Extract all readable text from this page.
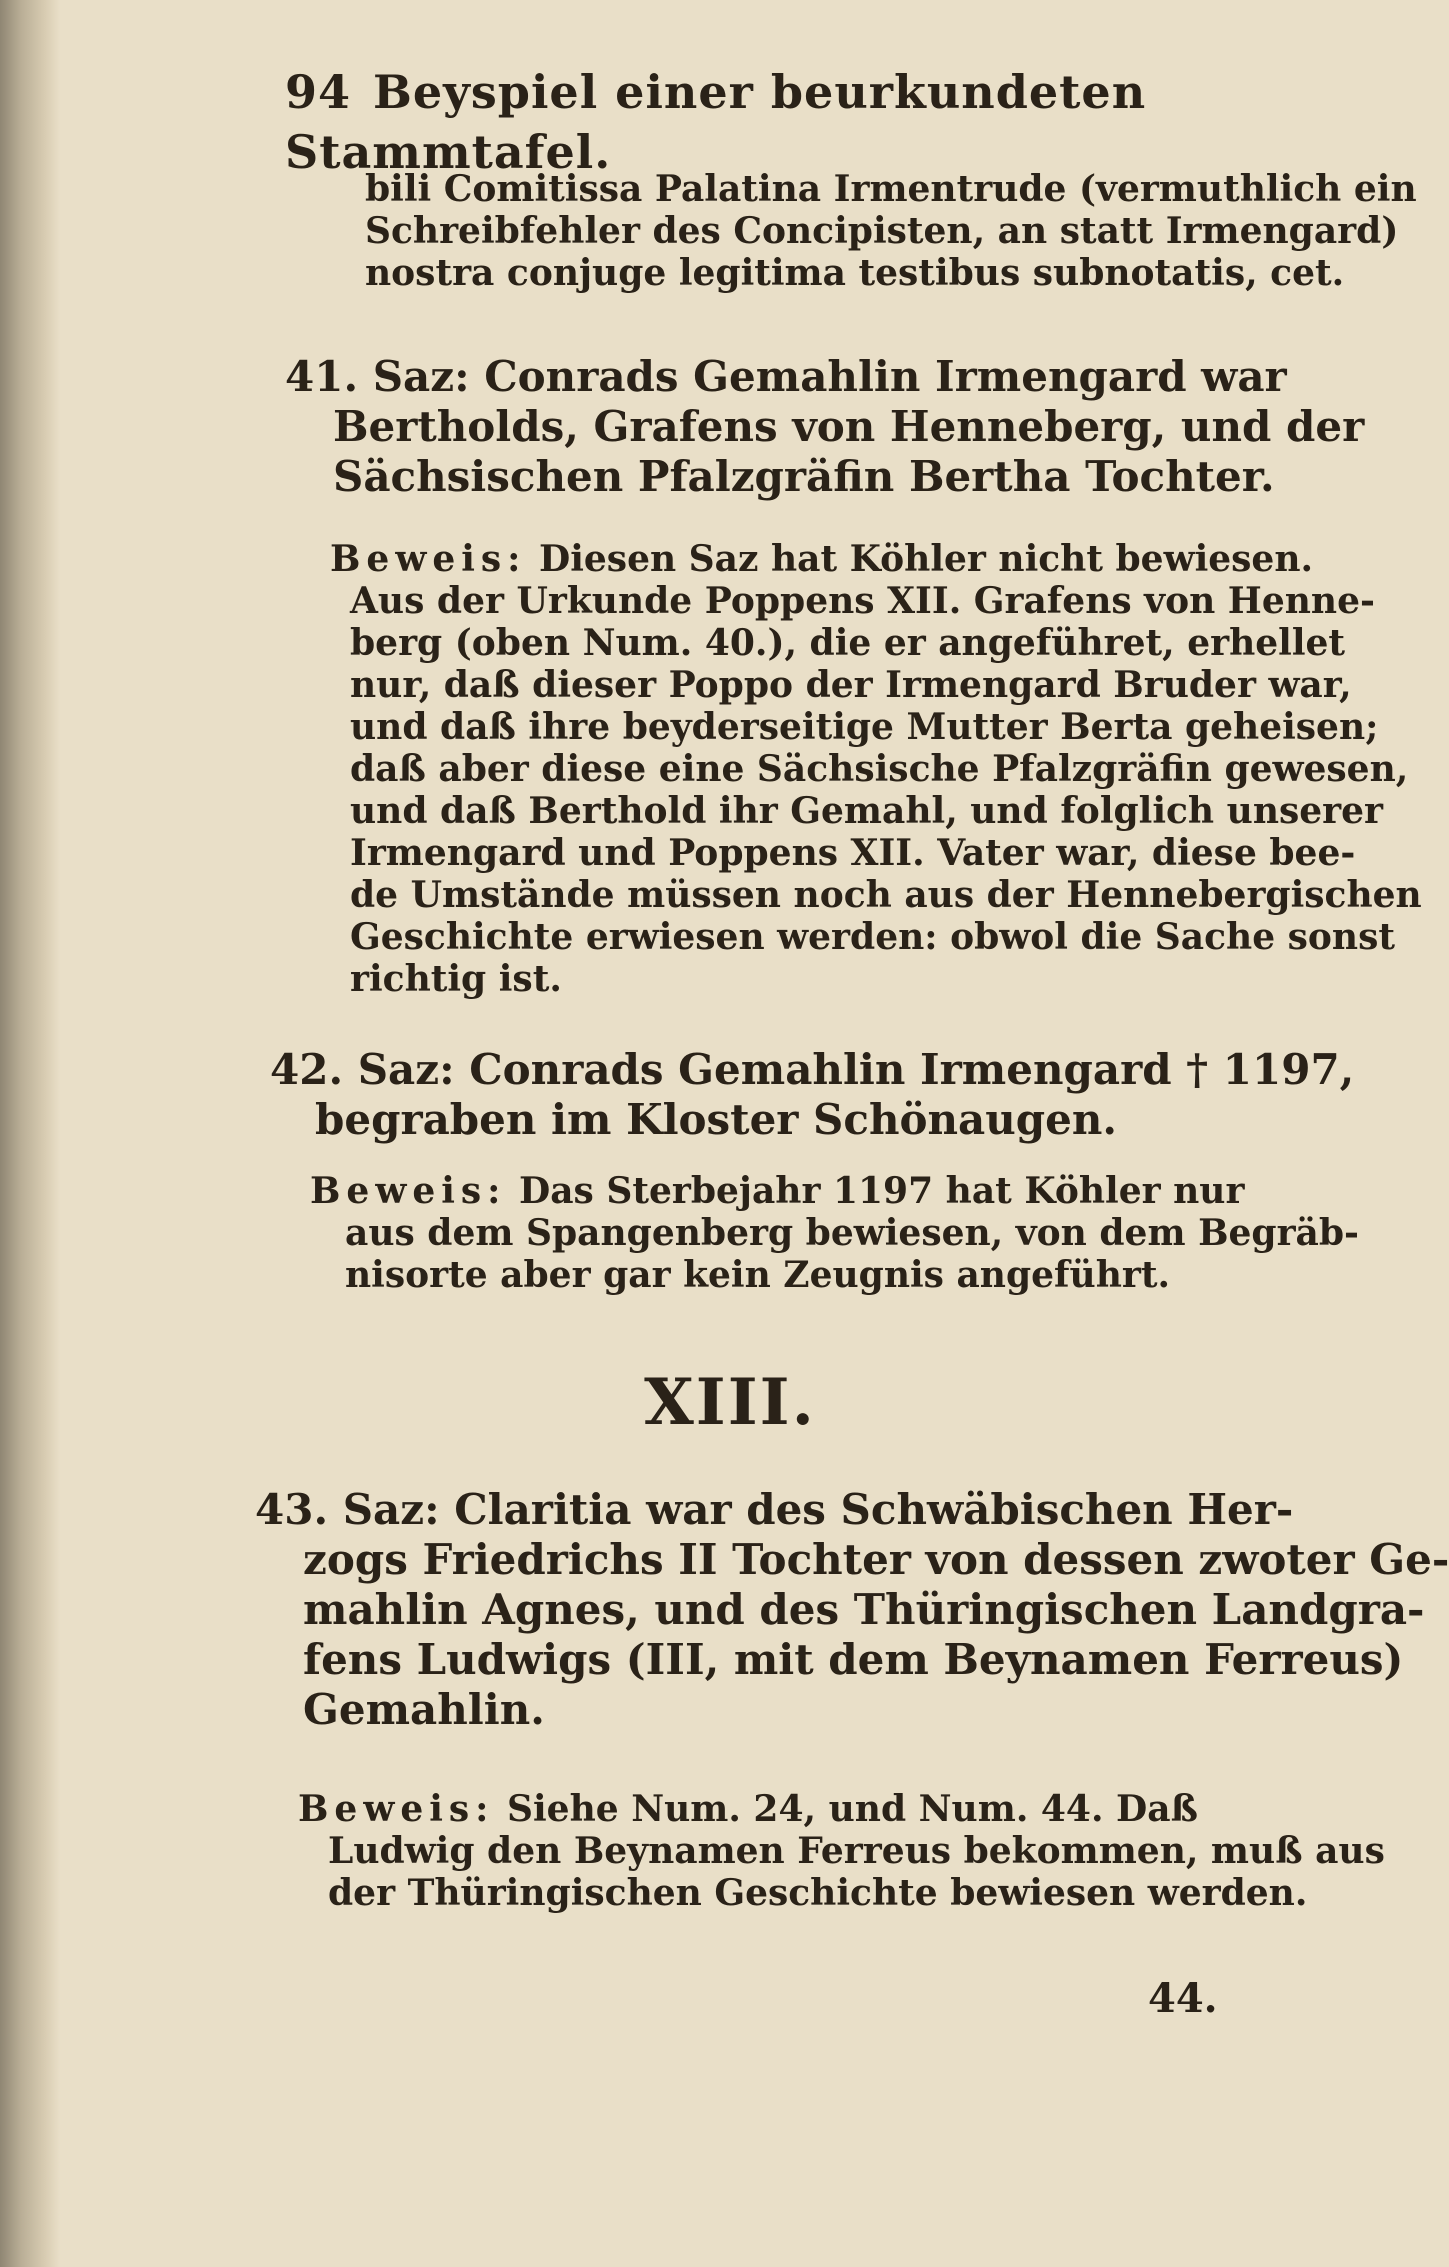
94 Beyspiel einer beurkundeten Stammtafel.
bili Comitissa Palatina Irmentrude (vermuthlich ein
Schreibfehler des Concipisten, an statt Irmengard)
nostra conjuge legitima testibus subnotatis, cet.
41. Saz: Conrads Gemahlin Irmengard war
Bertholds, Grafens von Henneberg, und der
Sächsischen Pfalzgräfin Bertha Tochter.
Beweis: Diesen Saz hat Köhler nicht bewiesen.
Aus der Urkunde Poppens XII. Grafens von Henne-
berg (oben Num. 40.), die er angeführet, erhellet
nur, daß dieser Poppo der Irmengard Bruder war,
und daß ihre beyderseitige Mutter Berta geheisen;
daß aber diese eine Sächsische Pfalzgräfin gewesen,
und daß Berthold ihr Gemahl, und folglich unserer
Irmengard und Poppens XII. Vater war, diese bee-
de Umstände müssen noch aus der Hennebergischen
Geschichte erwiesen werden: obwol die Sache sonst
richtig ist.
42. Saz: Conrads Gemahlin Irmengard † 1197,
begraben im Kloster Schönaugen.
Beweis: Das Sterbejahr 1197 hat Köhler nur
aus dem Spangenberg bewiesen, von dem Begräb-
nisorte aber gar kein Zeugnis angeführt.
XIII.
43. Saz: Claritia war des Schwäbischen Her-
zogs Friedrichs II Tochter von dessen zwoter Ge-
mahlin Agnes, und des Thüringischen Landgra-
fens Ludwigs (III, mit dem Beynamen Ferreus)
Gemahlin.
Beweis: Siehe Num. 24, und Num. 44. Daß
Ludwig den Beynamen Ferreus bekommen, muß aus
der Thüringischen Geschichte bewiesen werden.
44.
